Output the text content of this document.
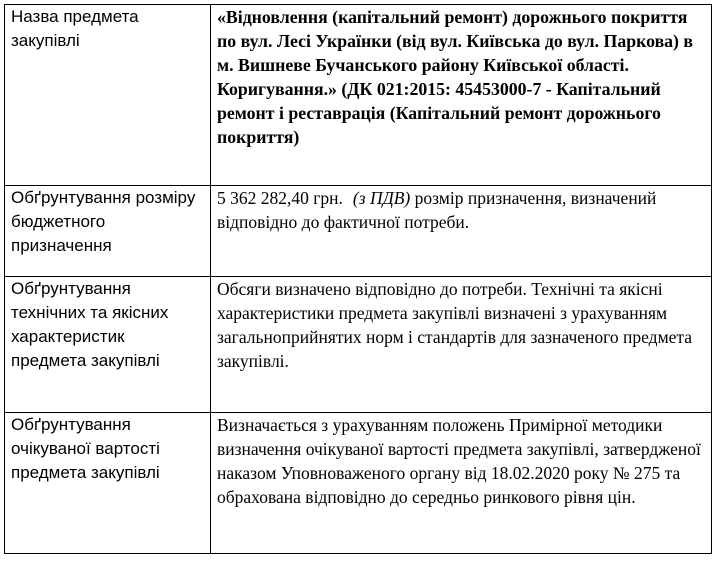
Назва предмета закупівлі	«Відновлення (капітальний ремонт) дорожнього покриття по вул. Лесі Українки (від вул. Київська до вул. Паркова) в м. Вишневе Бучанського району Київської області. Коригування.» (ДК 021:2015: 45453000-7 - Капітальний ремонт і реставрація (Капітальний ремонт дорожнього покриття)
Обґрунтування розміру бюджетного призначення	5 362 282,40 грн. (з ПДВ) розмір призначення, визначений відповідно до фактичної потреби.
Обґрунтування технічних та якісних характеристик предмета закупівлі	Обсяги визначено відповідно до потреби. Технічні та якісні характеристики предмета закупівлі визначені з урахуванням загальноприйнятих норм і стандартів для зазначеного предмета закупівлі.
Обґрунтування очікуваної вартості предмета закупівлі	Визначається з урахуванням положень Примірної методики визначення очікуваної вартості предмета закупівлі, затвердженої наказом Уповноваженого органу від 18.02.2020 року № 275 та обрахована відповідно до середньо ринкового рівня цін.
